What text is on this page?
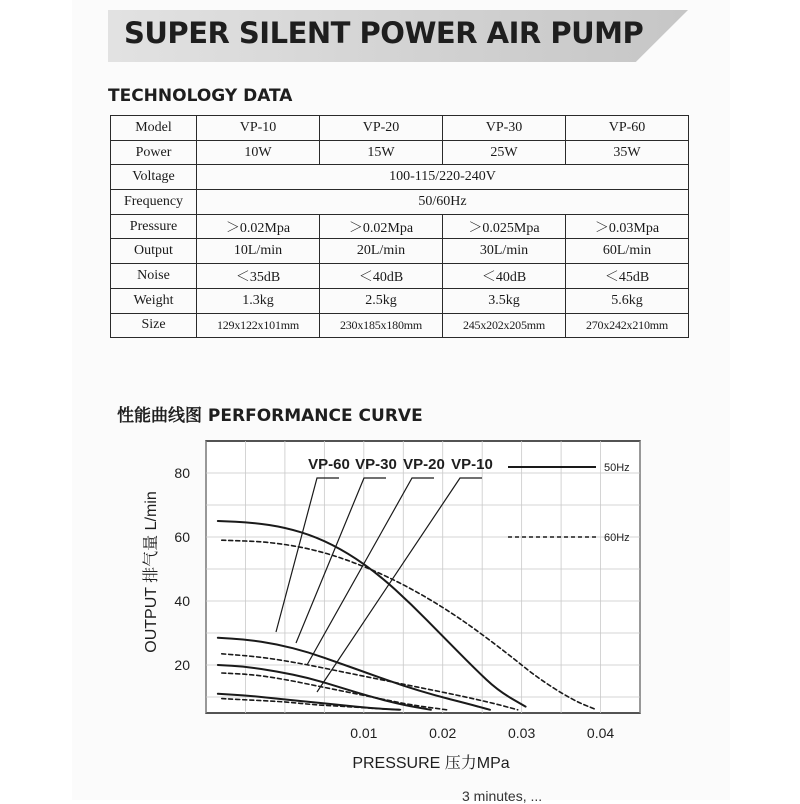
SUPER SILENT POWER AIR PUMP
TECHNOLOGY DATA
Model	VP-10	VP-20	VP-30	VP-60
Power	10W	15W	25W	35W
Voltage	100-115/220-240V			
Frequency	50/60Hz			
Pressure	＞0.02Mpa	＞0.02Mpa	＞0.025Mpa	＞0.03Mpa
Output	10L/min	20L/min	30L/min	60L/min
Noise	＜35dB	＜40dB	＜40dB	＜45dB
Weight	1.3kg	2.5kg	3.5kg	5.6kg
Size	129x122x101mm	230x185x180mm	245x202x205mm	270x242x210mm
性能曲线图 PERFORMANCE CURVE
VP-60 VP-30 VP-20 VP-10	50Hz
60Hz
0.01	0.02	0.03	0.04
20
40
60
80
PRESSURE 压力MPa
OUTPUT 排气量 L/min
3 minutes, ...
